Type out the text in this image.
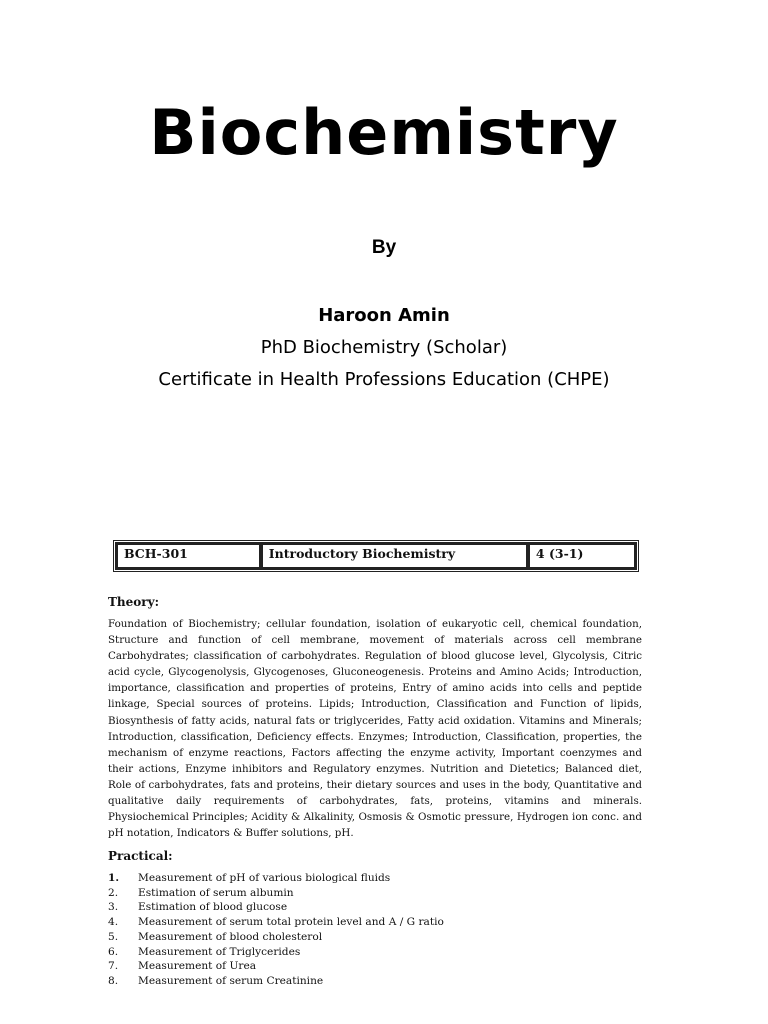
Biochemistry
By
Haroon Amin
PhD Biochemistry (Scholar)
Certificate in Health Professions Education (CHPE)
BCH-301	Introductory Biochemistry	4 (3-1)
Theory:

Foundation of Biochemistry; cellular foundation, isolation of eukaryotic cell, chemical foundation, Structure and function of cell membrane, movement of materials across cell membrane Carbohydrates; classification of carbohydrates. Regulation of blood glucose level, Glycolysis, Citric acid cycle, Glycogenolysis, Glycogenoses, Gluconeogenesis. Proteins and Amino Acids; Introduction, importance, classification and properties of proteins, Entry of amino acids into cells and peptide linkage, Special sources of proteins. Lipids; Introduction, Classification and Function of lipids, Biosynthesis of fatty acids, natural fats or triglycerides, Fatty acid oxidation. Vitamins and Minerals; Introduction, classification, Deficiency effects. Enzymes; Introduction, Classification, properties, the mechanism of enzyme reactions, Factors affecting the enzyme activity, Important coenzymes and their actions, Enzyme inhibitors and Regulatory enzymes. Nutrition and Dietetics; Balanced diet, Role of carbohydrates, fats and proteins, their dietary sources and uses in the body, Quantitative and qualitative daily requirements of carbohydrates, fats, proteins, vitamins and minerals. Physiochemical Principles; Acidity & Alkalinity, Osmosis & Osmotic pressure, Hydrogen ion conc. and pH notation, Indicators & Buffer solutions, pH.

Practical:
1.	Measurement of pH of various biological fluids
2.	Estimation of serum albumin
3.	Estimation of blood glucose
4.	Measurement of serum total protein level and A / G ratio
5.	Measurement of blood cholesterol
6.	Measurement of Triglycerides
7.	Measurement of Urea
8.	Measurement of serum Creatinine
